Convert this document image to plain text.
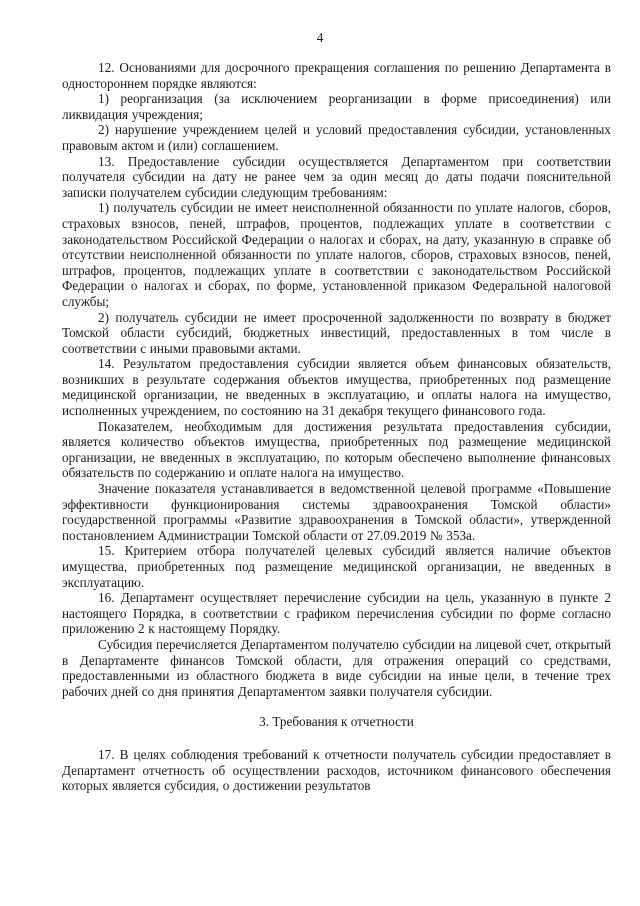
4

12. Основаниями для досрочного прекращения соглашения по решению Департамента в одностороннем порядке являются:

1) реорганизация (за исключением реорганизации в форме присоединения) или ликвидация учреждения;

2) нарушение учреждением целей и условий предоставления субсидии, установленных правовым актом и (или) соглашением.

13. Предоставление субсидии осуществляется Департаментом при соответствии получателя субсидии на дату не ранее чем за один месяц до даты подачи пояснительной записки получателем субсидии следующим требованиям:

1) получатель субсидии не имеет неисполненной обязанности по уплате налогов, сборов, страховых взносов, пеней, штрафов, процентов, подлежащих уплате в соответствии с законодательством Российской Федерации о налогах и сборах, на дату, указанную в справке об отсутствии неисполненной обязанности по уплате налогов, сборов, страховых взносов, пеней, штрафов, процентов, подлежащих уплате в соответствии с законодательством Российской Федерации о налогах и сборах, по форме, установленной приказом Федеральной налоговой службы;

2) получатель субсидии не имеет просроченной задолженности по возврату в бюджет Томской области субсидий, бюджетных инвестиций, предоставленных в том числе в соответствии с иными правовыми актами.

14. Результатом предоставления субсидии является объем финансовых обязательств, возникших в результате содержания объектов имущества, приобретенных под размещение медицинской организации, не введенных в эксплуатацию, и оплаты налога на имущество, исполненных учреждением, по состоянию на 31 декабря текущего финансового года.

Показателем, необходимым для достижения результата предоставления субсидии, является количество объектов имущества, приобретенных под размещение медицинской организации, не введенных в эксплуатацию, по которым обеспечено выполнение финансовых обязательств по содержанию и оплате налога на имущество.

Значение показателя устанавливается в ведомственной целевой программе «Повышение эффективности функционирования системы здравоохранения Томской области» государственной программы «Развитие здравоохранения в Томской области», утвержденной постановлением Администрации Томской области от 27.09.2019 № 353а.

15. Критерием отбора получателей целевых субсидий является наличие объектов имущества, приобретенных под размещение медицинской организации, не введенных в эксплуатацию.

16. Департамент осуществляет перечисление субсидии на цель, указанную в пункте 2 настоящего Порядка, в соответствии с графиком перечисления субсидии по форме согласно приложению 2 к настоящему Порядку.

Субсидия перечисляется Департаментом получателю субсидии на лицевой счет, открытый в Департаменте финансов Томской области, для отражения операций со средствами, предоставленными из областного бюджета в виде субсидии на иные цели, в течение трех рабочих дней со дня принятия Департаментом заявки получателя субсидии.

3. Требования к отчетности

17. В целях соблюдения требований к отчетности получатель субсидии предоставляет в Департамент отчетность об осуществлении расходов, источником финансового обеспечения которых является субсидия, о достижении результатов
